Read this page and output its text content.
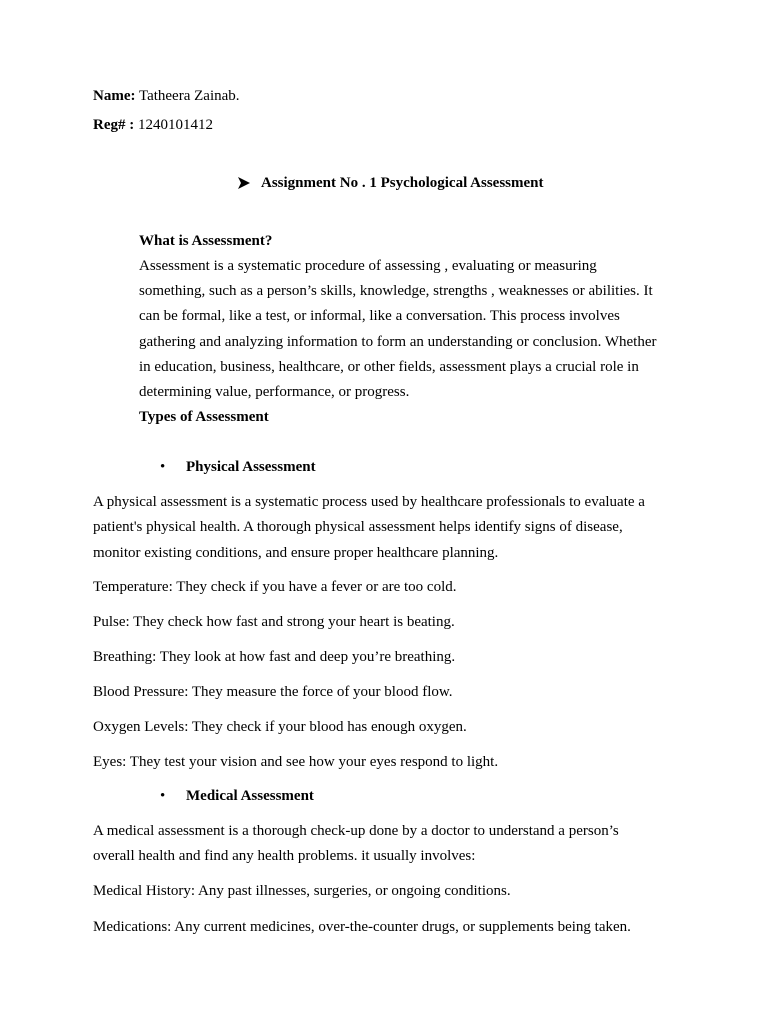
Name: Tatheera Zainab.
Reg# : 1240101412
Assignment No . 1 Psychological Assessment
What is Assessment?
Assessment is a systematic procedure of assessing , evaluating or measuring
something, such as a person’s skills, knowledge, strengths , weaknesses or abilities. It
can be formal, like a test, or informal, like a conversation. This process involves
gathering and analyzing information to form an understanding or conclusion. Whether
in education, business, healthcare, or other fields, assessment plays a crucial role in
determining value, performance, or progress.
Types of Assessment
• Physical Assessment
A physical assessment is a systematic process used by healthcare professionals to evaluate a
patient's physical health. A thorough physical assessment helps identify signs of disease,
monitor existing conditions, and ensure proper healthcare planning.
Temperature: They check if you have a fever or are too cold.
Pulse: They check how fast and strong your heart is beating.
Breathing: They look at how fast and deep you’re breathing.
Blood Pressure: They measure the force of your blood flow.
Oxygen Levels: They check if your blood has enough oxygen.
Eyes: They test your vision and see how your eyes respond to light.
• Medical Assessment
A medical assessment is a thorough check-up done by a doctor to understand a person’s
overall health and find any health problems. it usually involves:
Medical History: Any past illnesses, surgeries, or ongoing conditions.
Medications: Any current medicines, over-the-counter drugs, or supplements being taken.
